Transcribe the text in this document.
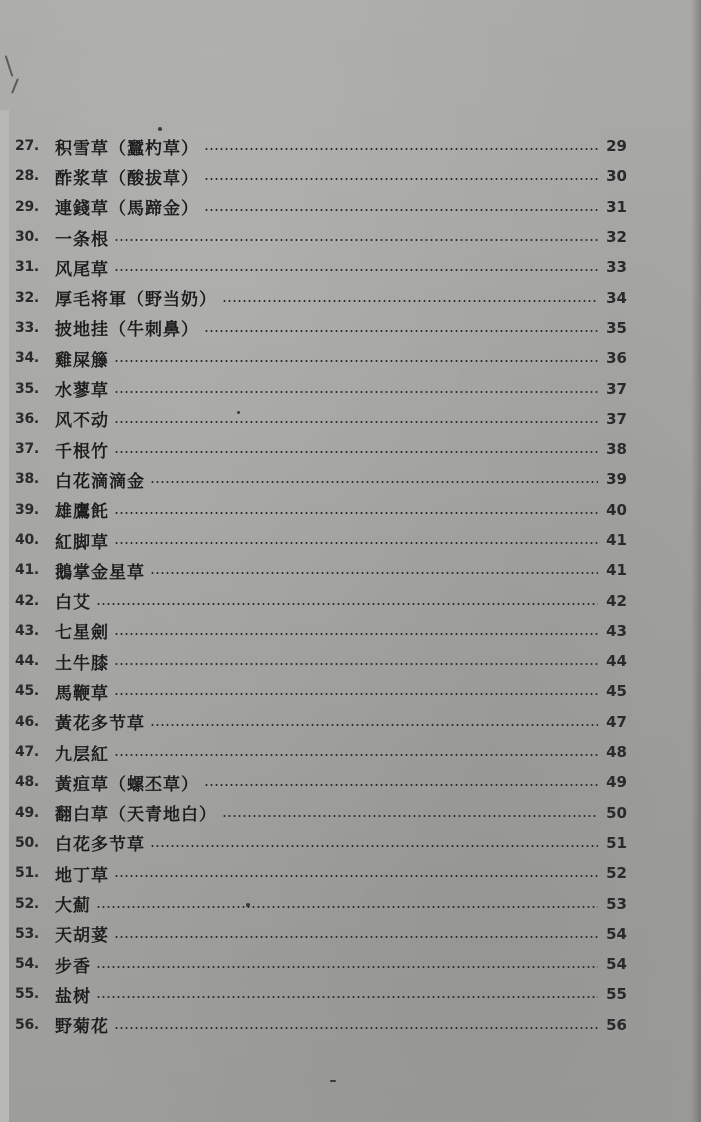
27. 积雪草（蠶杓草）	29
28. 酢浆草（酸拔草）	30
29. 連錢草（馬蹄金）	31
30. 一条根	32
31. 风尾草	33
32. 厚毛将軍（野当奶）	34
33. 披地挂（牛刺鼻）	35
34. 雞屎籐	36
35. 水蓼草	37
36. 风不动	37
37. 千根竹	38
38. 白花滴滴金	39
39. 雄鷹飥	40
40. 紅脚草	41
41. 鵝掌金星草	41
42. 白艾	42
43. 七星劍	43
44. 土牛膝	44
45. 馬鞭草	45
46. 黃花多节草	47
47. 九层紅	48
48. 黃疸草（螺丕草）	49
49. 翻白草（天青地白）	50
50. 白花多节草	51
51. 地丁草	52
52. 大薊	53
53. 天胡荽	54
54. 步香	54
55. 盐树	55
56. 野菊花	56
